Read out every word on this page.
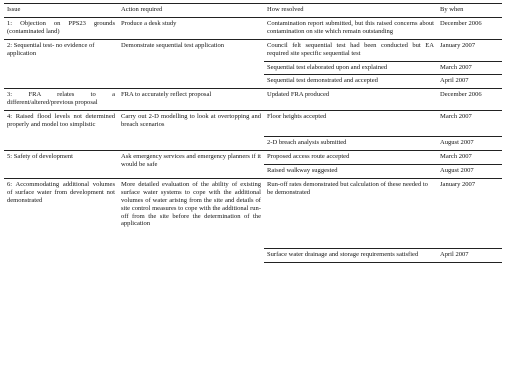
Issue	Action required	How resolved	By when
1: Objection on PPS23 grounds (contaminated land)	Produce a desk study	Contamination report submitted, but this raised concerns about contamination on site which remain outstanding	December 2006
2: Sequential test- no evidence of application	Demonstrate sequential test application	Council felt sequential test had been conducted but EA required site specific sequential test	January 2007
		Sequential test elaborated upon and explained	March 2007
		Sequential test demonstrated and accepted	April 2007
3: FRA relates to a different/altered/previous proposal	FRA to accurately reflect proposal	Updated FRA produced	December 2006
4: Raised flood levels not determined properly and model too simplistic	Carry out 2-D modelling to look at overtopping and breach scenarios	Floor heights accepted	March 2007
		2-D breach analysis submitted	August 2007
5: Safety of development	Ask emergency services and emergency planners if it would be safe	Proposed access route accepted	March 2007
		Raised walkway suggested	August 2007
6: Accommodating additional volumes of surface water from development not demonstrated	More detailed evaluation of the ability of existing surface water systems to cope with the additional volumes of water arising from the site and details of site control measures to cope with the additional run-off from the site before the determination of the application	Run-off rates demonstrated but calculation of these needed to be demonstrated	January 2007
		Surface water drainage and storage requirements satisfied	April 2007
